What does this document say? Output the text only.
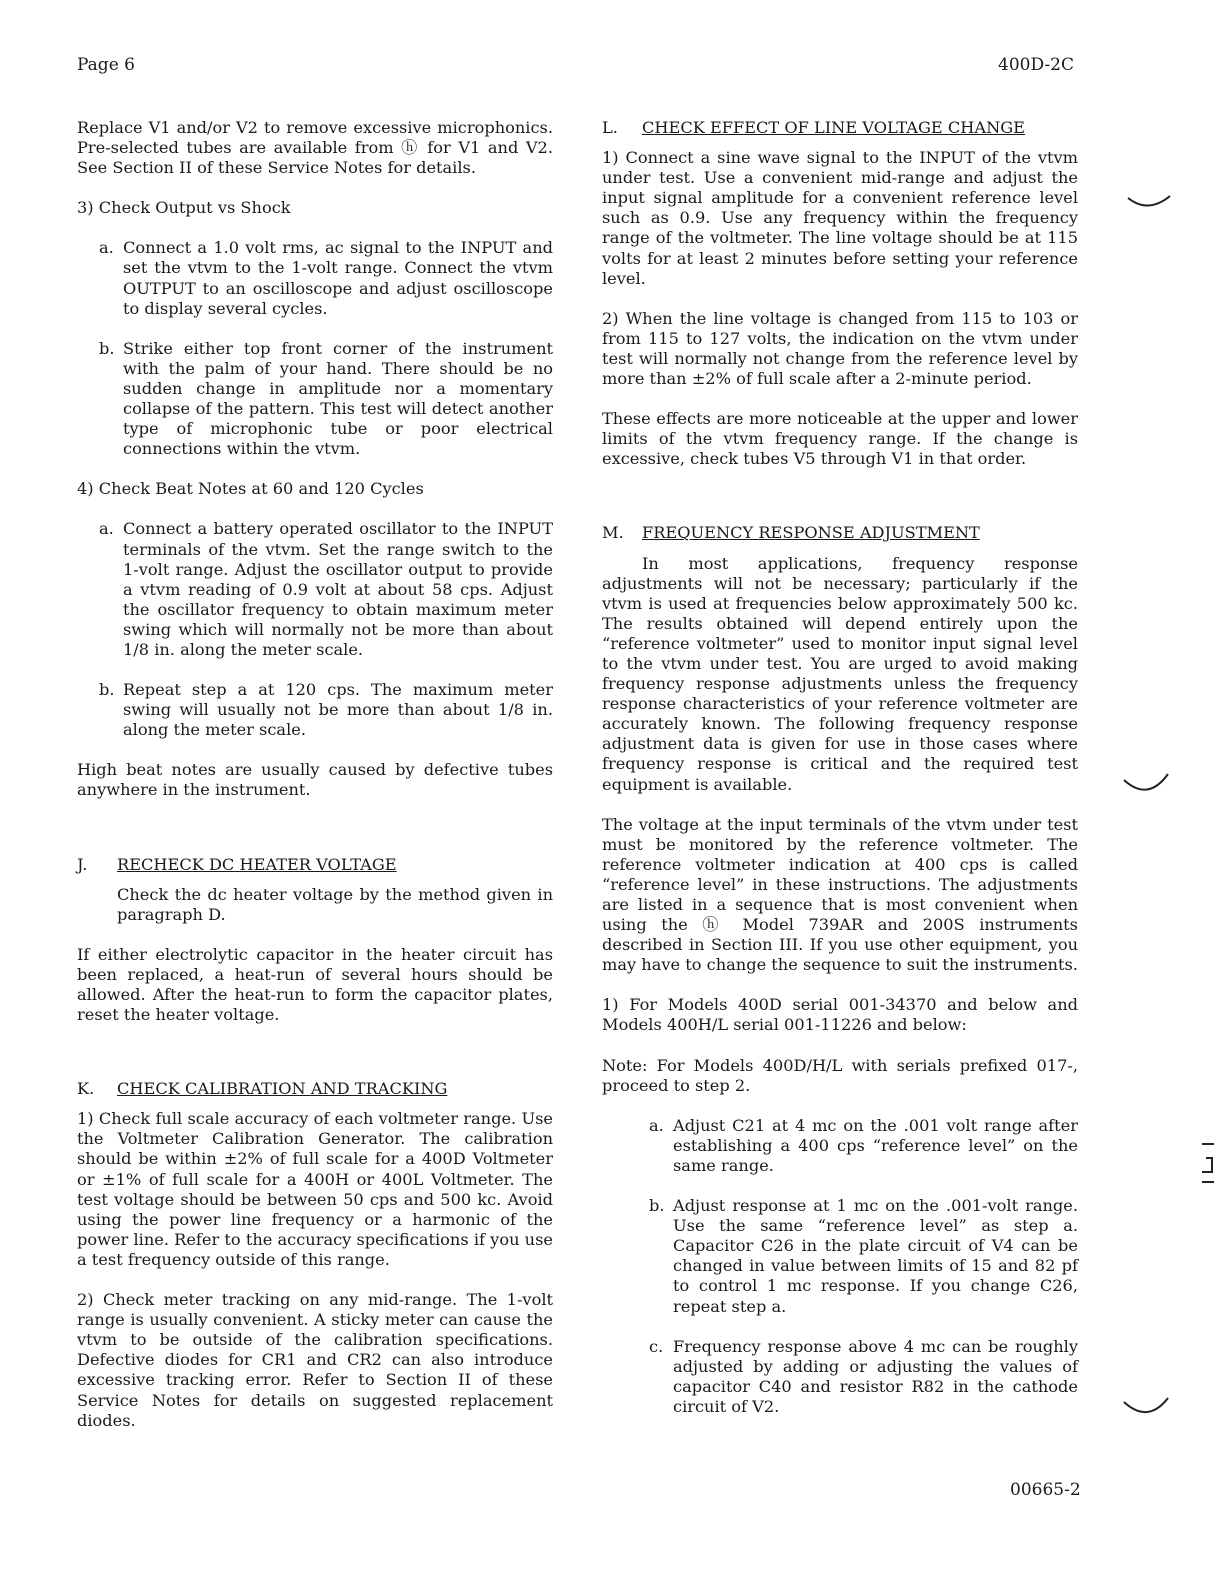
Page 6	400D-2C

Replace V1 and/or V2 to remove excessive microphonics. Pre-selected tubes are available from ⓗ for V1 and V2. See Section II of these Service Notes for details.

3) Check Output vs Shock
a. Connect a 1.0 volt rms, ac signal to the INPUT and set the vtvm to the 1-volt range. Connect the vtvm OUTPUT to an oscilloscope and adjust oscilloscope to display several cycles.
b. Strike either top front corner of the instrument with the palm of your hand. There should be no sudden change in amplitude nor a momentary collapse of the pattern. This test will detect another type of microphonic tube or poor electrical connections within the vtvm.
4) Check Beat Notes at 60 and 120 Cycles
a. Connect a battery operated oscillator to the INPUT terminals of the vtvm. Set the range switch to the 1-volt range. Adjust the oscillator output to provide a vtvm reading of 0.9 volt at about 58 cps. Adjust the oscillator frequency to obtain maximum meter swing which will normally not be more than about 1/8 in. along the meter scale.
b. Repeat step a at 120 cps. The maximum meter swing will usually not be more than about 1/8 in. along the meter scale.

High beat notes are usually caused by defective tubes anywhere in the instrument.

J.	RECHECK DC HEATER VOLTAGE

Check the dc heater voltage by the method given in paragraph D.

If either electrolytic capacitor in the heater circuit has been replaced, a heat-run of several hours should be allowed. After the heat-run to form the capacitor plates, reset the heater voltage.

K.	CHECK CALIBRATION AND TRACKING

1) Check full scale accuracy of each voltmeter range. Use the Voltmeter Calibration Generator. The calibration should be within ±2% of full scale for a 400D Voltmeter or ±1% of full scale for a 400H or 400L Voltmeter. The test voltage should be between 50 cps and 500 kc. Avoid using the power line frequency or a harmonic of the power line. Refer to the accuracy specifications if you use a test frequency outside of this range.

2) Check meter tracking on any mid-range. The 1-volt range is usually convenient. A sticky meter can cause the vtvm to be outside of the calibration specifications. Defective diodes for CR1 and CR2 can also introduce excessive tracking error. Refer to Section II of these Service Notes for details on suggested replacement diodes.

L.	CHECK EFFECT OF LINE VOLTAGE CHANGE

1) Connect a sine wave signal to the INPUT of the vtvm under test. Use a convenient mid-range and adjust the input signal amplitude for a convenient reference level such as 0.9. Use any frequency within the frequency range of the voltmeter. The line voltage should be at 115 volts for at least 2 minutes before setting your reference level.

2) When the line voltage is changed from 115 to 103 or from 115 to 127 volts, the indication on the vtvm under test will normally not change from the reference level by more than ±2% of full scale after a 2-minute period.

These effects are more noticeable at the upper and lower limits of the vtvm frequency range. If the change is excessive, check tubes V5 through V1 in that order.

M.	FREQUENCY RESPONSE ADJUSTMENT

In most applications, frequency response adjustments will not be necessary; particularly if the vtvm is used at frequencies below approximately 500 kc. The results obtained will depend entirely upon the “reference voltmeter” used to monitor input signal level to the vtvm under test. You are urged to avoid making frequency response adjustments unless the frequency response characteristics of your reference voltmeter are accurately known. The following frequency response adjustment data is given for use in those cases where frequency response is critical and the required test equipment is available.

The voltage at the input terminals of the vtvm under test must be monitored by the reference voltmeter. The reference voltmeter indication at 400 cps is called “reference level” in these instructions. The adjustments are listed in a sequence that is most convenient when using the ⓗ Model 739AR and 200S instruments described in Section III. If you use other equipment, you may have to change the sequence to suit the instruments.

1) For Models 400D serial 001-34370 and below and Models 400H/L serial 001-11226 and below:

Note: For Models 400D/H/L with serials prefixed 017-, proceed to step 2.

a. Adjust C21 at 4 mc on the .001 volt range after establishing a 400 cps “reference level” on the same range.
b. Adjust response at 1 mc on the .001-volt range. Use the same “reference level” as step a. Capacitor C26 in the plate circuit of V4 can be changed in value between limits of 15 and 82 pf to control 1 mc response. If you change C26, repeat step a.
c. Frequency response above 4 mc can be roughly adjusted by adding or adjusting the values of capacitor C40 and resistor R82 in the cathode circuit of V2.
00665-2
